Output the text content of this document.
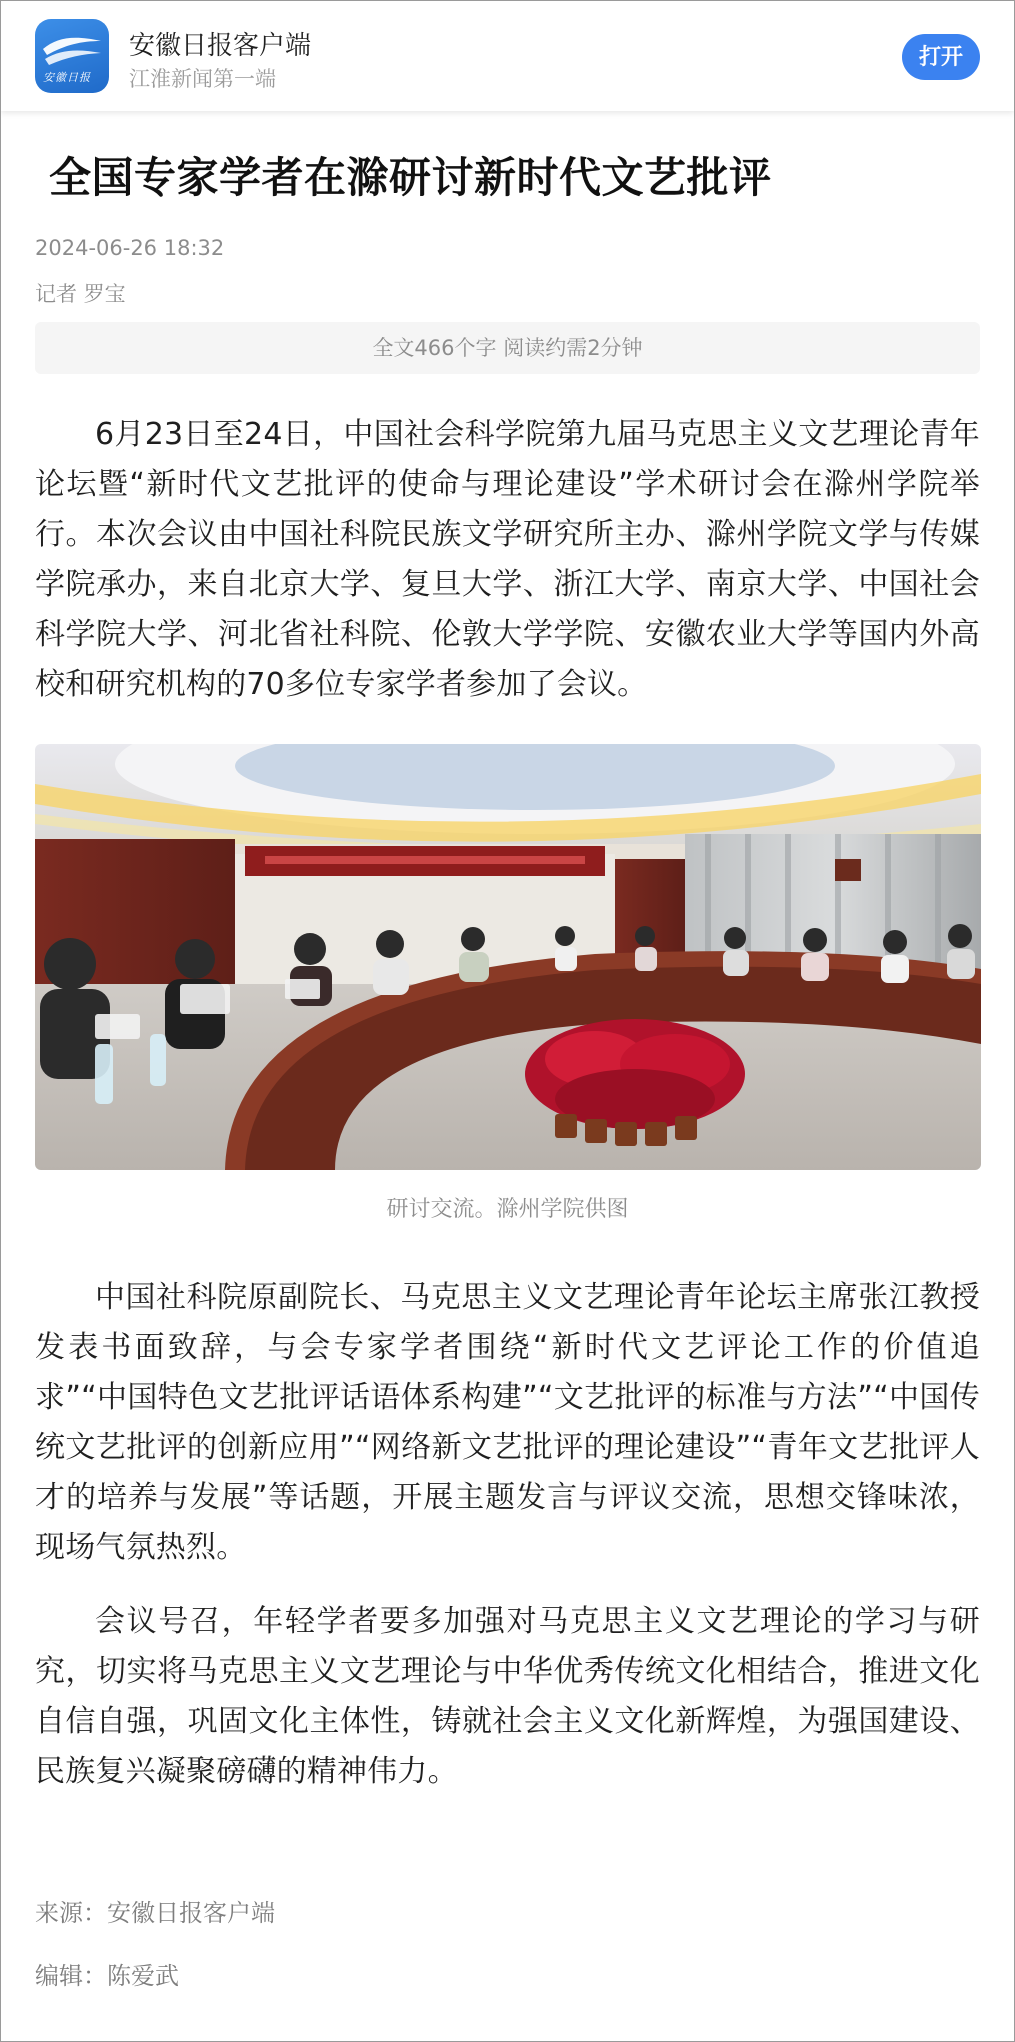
安徽日报
安徽日报客户端
江淮新闻第一端
打开
全国专家学者在滁研讨新时代文艺批评
2024-06-26 18:32
记者 罗宝
全文466个字 阅读约需2分钟

6月23日至24日，中国社会科学院第九届马克思主义文艺理论青年论坛暨“新时代文艺批评的使命与理论建设”学术研讨会在滁州学院举行。本次会议由中国社科院民族文学研究所主办、滁州学院文学与传媒学院承办，来自北京大学、复旦大学、浙江大学、南京大学、中国社会科学院大学、河北省社科院、伦敦大学学院、安徽农业大学等国内外高校和研究机构的70多位专家学者参加了会议。

研讨交流。滁州学院供图

中国社科院原副院长、马克思主义文艺理论青年论坛主席张江教授发表书面致辞，与会专家学者围绕“新时代文艺评论工作的价值追求”“中国特色文艺批评话语体系构建”“文艺批评的标准与方法”“中国传统文艺批评的创新应用”“网络新文艺批评的理论建设”“青年文艺批评人才的培养与发展”等话题，开展主题发言与评议交流，思想交锋味浓，现场气氛热烈。

会议号召，年轻学者要多加强对马克思主义文艺理论的学习与研究，切实将马克思主义文艺理论与中华优秀传统文化相结合，推进文化自信自强，巩固文化主体性，铸就社会主义文化新辉煌，为强国建设、民族复兴凝聚磅礴的精神伟力。

来源：安徽日报客户端
编辑：陈爱武
